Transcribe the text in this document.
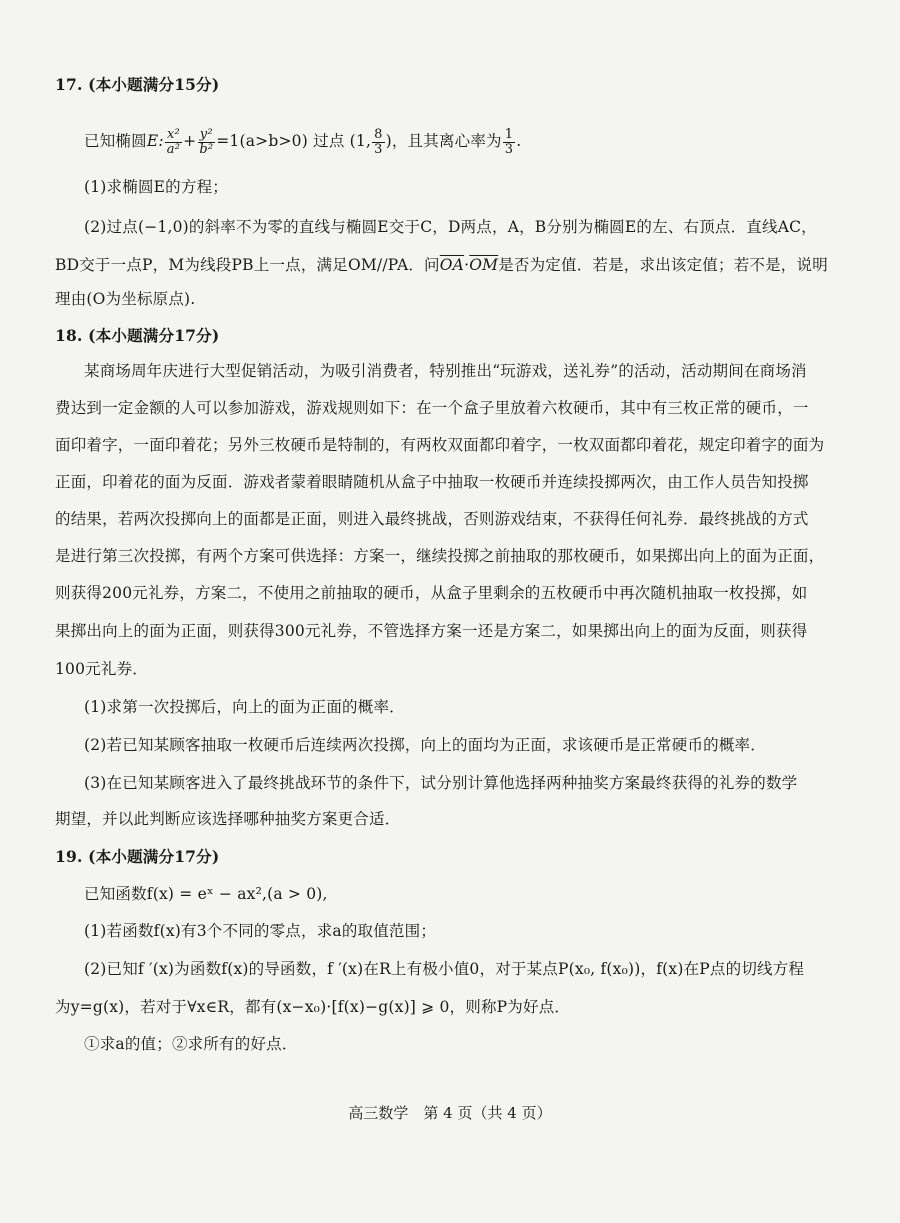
17. (本小题满分15分)
已知椭圆E: $\frac{\text{x²}}{\text{a²}} + \frac{\text{y²}}{\text{b²}} =1(a>b>0)$ 过点 (1, $\frac{8}{3}$ )，且其离心率为 $\frac{1}{3}$ .
(1)求椭圆E的方程；
(2)过点(−1,0)的斜率不为零的直线与椭圆E交于C，D两点，A，B分别为椭圆E的左、右顶点．直线AC，
BD交于一点P，M为线段PB上一点，满足OM//PA．问$\overline{OA}\cdot\overline{OM}$是否为定值．若是，求出该定值；若不是，说明
理由(O为坐标原点).
18. (本小题满分17分)
某商场周年庆进行大型促销活动，为吸引消费者，特别推出“玩游戏，送礼券”的活动，活动期间在商场消
费达到一定金额的人可以参加游戏，游戏规则如下：在一个盒子里放着六枚硬币，其中有三枚正常的硬币，一
面印着字，一面印着花；另外三枚硬币是特制的，有两枚双面都印着字，一枚双面都印着花，规定印着字的面为
正面，印着花的面为反面．游戏者蒙着眼睛随机从盒子中抽取一枚硬币并连续投掷两次，由工作人员告知投掷
的结果，若两次投掷向上的面都是正面，则进入最终挑战，否则游戏结束，不获得任何礼券．最终挑战的方式
是进行第三次投掷，有两个方案可供选择：方案一，继续投掷之前抽取的那枚硬币，如果掷出向上的面为正面，
则获得200元礼券，方案二，不使用之前抽取的硬币，从盒子里剩余的五枚硬币中再次随机抽取一枚投掷，如
果掷出向上的面为正面，则获得300元礼券，不管选择方案一还是方案二，如果掷出向上的面为反面，则获得
100元礼券．
(1)求第一次投掷后，向上的面为正面的概率．
(2)若已知某顾客抽取一枚硬币后连续两次投掷，向上的面均为正面，求该硬币是正常硬币的概率．
(3)在已知某顾客进入了最终挑战环节的条件下，试分别计算他选择两种抽奖方案最终获得的礼券的数学
期望，并以此判断应该选择哪种抽奖方案更合适．
19. (本小题满分17分)
已知函数f(x) = eˣ − ax²,(a > 0),
(1)若函数f(x)有3个不同的零点，求a的取值范围；
(2)已知f ′(x)为函数f(x)的导函数，f ′(x)在R上有极小值0，对于某点P(x₀, f(x₀))，f(x)在P点的切线方程
为y=g(x)，若对于∀x∈R，都有(x−x₀)·[f(x)−g(x)] ⩾ 0，则称P为好点．
①求a的值；②求所有的好点．
高三数学　第 4 页（共 4 页）
